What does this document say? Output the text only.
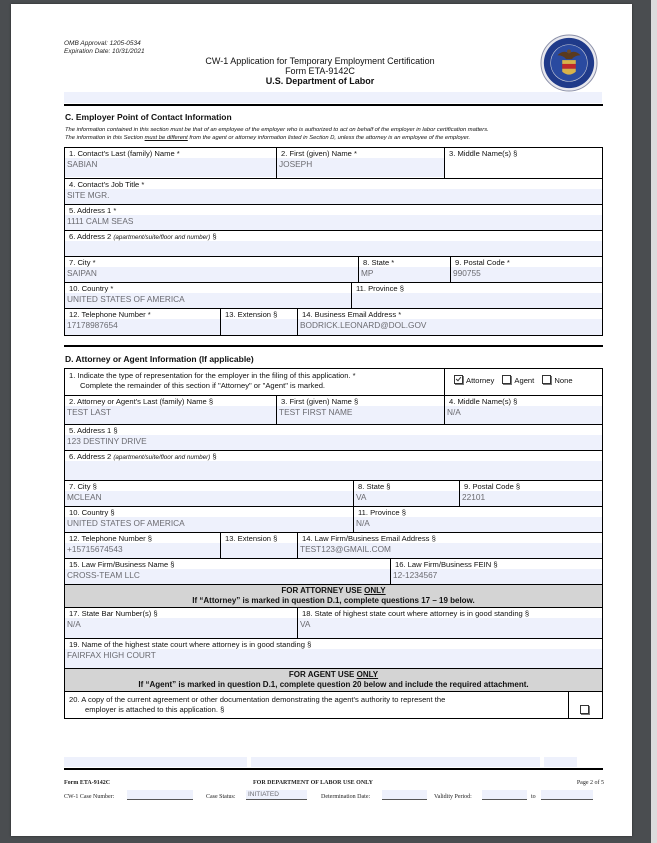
OMB Approval: 1205-0534
Expiration Date: 10/31/2021
CW-1 Application for Temporary Employment Certification
Form ETA-9142C
U.S. Department of Labor
C. Employer Point of Contact Information
The information contained in this section must be that of an employee of the employer who is authorized to act on behalf of the employer in labor certification matters.
The information in this Section must be different from the agent or attorney information listed in Section D, unless the attorney is an employee of the employer.
1. Contact's Last (family) Name *
SABIAN
2. First (given) Name *
JOSEPH
3. Middle Name(s) §
4. Contact's Job Title *
SITE MGR.
5. Address 1 *
1111 CALM SEAS
6. Address 2 (apartment/suite/floor and number) §
7. City *
SAIPAN
8. State *
MP
9. Postal Code *
990755
10. Country *
UNITED STATES OF AMERICA
11. Province §
12. Telephone Number *
17178987654
13. Extension §	14. Business Email Address *
BODRICK.LEONARD@DOL.GOV
D. Attorney or Agent Information (If applicable)
1. Indicate the type of representation for the employer in the filing of this application. *
Complete the remainder of this section if "Attorney" or "Agent" is marked.
Attorney	Agent	None
2. Attorney or Agent's Last (family) Name §
TEST LAST
3. First (given) Name §
TEST FIRST NAME
4. Middle Name(s) §
N/A
5. Address 1 §
123 DESTINY DRIVE
6. Address 2 (apartment/suite/floor and number) §
7. City §
MCLEAN
8. State §
VA
9. Postal Code §
22101
10. Country §
UNITED STATES OF AMERICA
11. Province §
N/A
12. Telephone Number §
+15715674543
13. Extension §	14. Law Firm/Business Email Address §
TEST123@GMAIL.COM
15. Law Firm/Business Name §
CROSS-TEAM LLC
16. Law Firm/Business FEIN §
12-1234567
FOR ATTORNEY USE ONLY
If “Attorney” is marked in question D.1, complete questions 17 – 19 below.
17. State Bar Number(s) §
N/A
18. State of highest state court where attorney is in good standing §
VA
19. Name of the highest state court where attorney is in good standing §
FAIRFAX HIGH COURT
FOR AGENT USE ONLY
If “Agent” is marked in question D.1, complete question 20 below and include the required attachment.
20. A copy of the current agreement or other documentation demonstrating the agent's authority to represent the
employer is attached to this application. §
Form ETA-9142C	FOR DEPARTMENT OF LABOR USE ONLY	Page 2 of 5
CW-1 Case Number:	Case Status:	INITIATED	Determination Date:	Validity Period:	to
